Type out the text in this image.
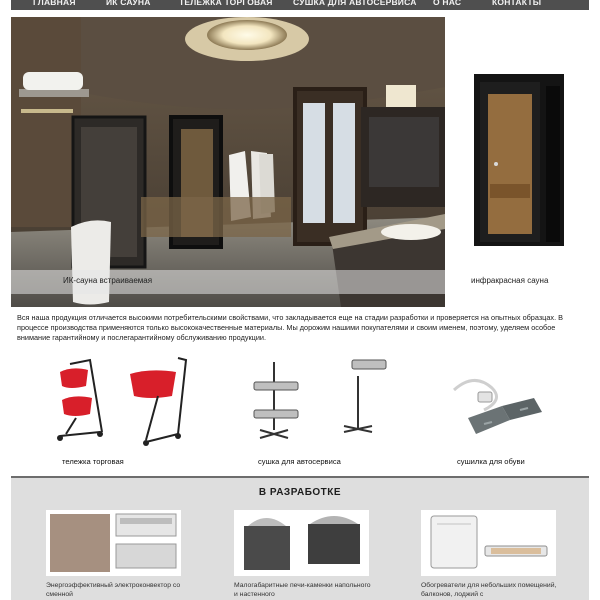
ГЛАВНАЯ	ИК САУНА	ТЕЛЕЖКА ТОРГОВАЯ СУШКА ДЛЯ АВТОСЕРВИСА О НАС	КОНТАКТЫ
ИК-сауна встраиваемая	инфракрасная сауна
Вся наша продукция отличается высокими потребительскими свойствами, что закладывается еще на стадии разработки и проверяется на опытных образцах. В процессе производства применяются только высококачественные материалы. Мы дорожим нашими покупателями и своим именем, поэтому, уделяем особое внимание гарантийному и послегарантийному обслуживанию продукции.
тележка торговая	сушка для автосервиса	сушилка для обуви
В РАЗРАБОТКЕ
Энергоэффективный электроконвектор со сменной
Малогабаритные печи-каменки напольного и настенного
Обогреватели для небольших помещений, балконов, лоджий с
